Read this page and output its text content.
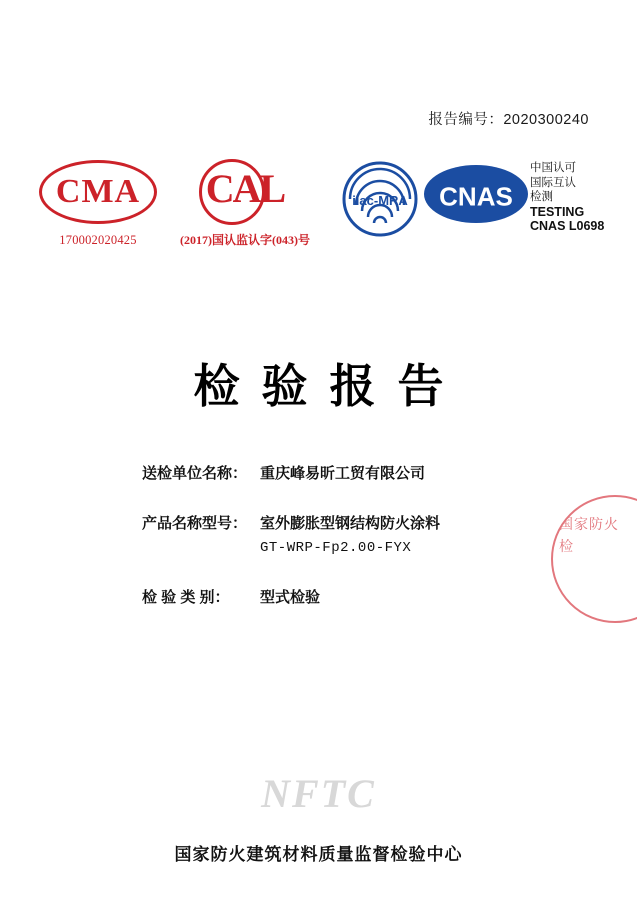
报告编号：2020300240
CMA
170002020425
CAL
(2017)国认监认字(043)号
ilac-MRA	CNAS
中国认可
国际互认
检测
TESTING
CNAS L0698
检验报告
送检单位名称： 重庆峰易昕工贸有限公司
产品名称型号： 室外膨胀型钢结构防火涂料
GT-WRP-Fp2.00-FYX
检 验 类 别：	型式检验
国家防火 检
NFTC
国家防火建筑材料质量监督检验中心
